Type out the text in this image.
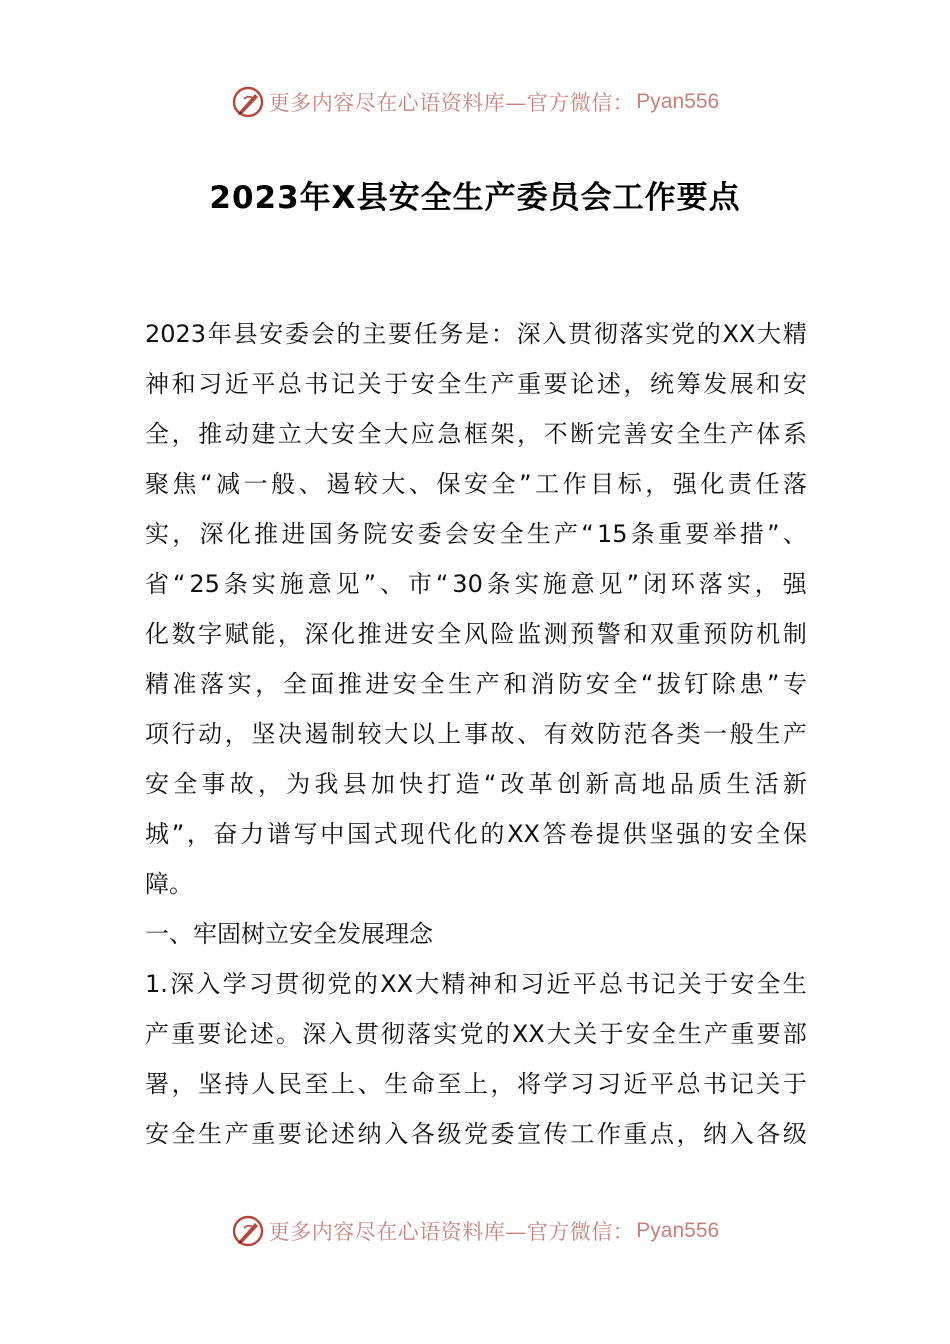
更多内容尽在心语资料库—官方微信： Pyan556
2023年X县安全生产委员会工作要点
2023 年 县 安 委 会 的 主 要 任 务 是 ： 深 入 贯 彻 落 实 党 的 XX 大 精
神 和 习 近 平 总 书 记 关 于 安 全 生 产 重 要 论 述 ， 统 筹 发 展 和 安
全 ， 推 动 建 立 大 安 全 大 应 急 框 架 ， 不 断 完 善 安 全 生 产 体 系
聚 焦 “ 减 一 般 、 遏 较 大 、 保 安 全 ” 工 作 目 标 ， 强 化 责 任 落
实 ， 深 化 推 进 国 务 院 安 委 会 安 全 生 产 “ 15 条 重 要 举 措 ” 、
省 “ 25 条 实 施 意 见 ” 、 市 “ 30 条 实 施 意 见 ” 闭 环 落 实 ， 强
化 数 字 赋 能 ， 深 化 推 进 安 全 风 险 监 测 预 警 和 双 重 预 防 机 制
精 准 落 实 ， 全 面 推 进 安 全 生 产 和 消 防 安 全 “ 拔 钉 除 患 ” 专
项 行 动 ， 坚 决 遏 制 较 大 以 上 事 故 、 有 效 防 范 各 类 一 般 生 产
安 全 事 故 ， 为 我 县 加 快 打 造 “ 改 革 创 新 高 地 品 质 生 活 新
城 ” ， 奋 力 谱 写 中 国 式 现 代 化 的 XX 答 卷 提 供 坚 强 的 安 全 保
障。
一、牢固树立安全发展理念
1. 深 入 学 习 贯 彻 党 的 XX 大 精 神 和 习 近 平 总 书 记 关 于 安 全 生
产 重 要 论 述 。 深 入 贯 彻 落 实 党 的 XX 大 关 于 安 全 生 产 重 要 部
署 ， 坚 持 人 民 至 上 、 生 命 至 上 ， 将 学 习 习 近 平 总 书 记 关 于
安 全 生 产 重 要 论 述 纳 入 各 级 党 委 宣 传 工 作 重 点 ， 纳 入 各 级
更多内容尽在心语资料库—官方微信： Pyan556
